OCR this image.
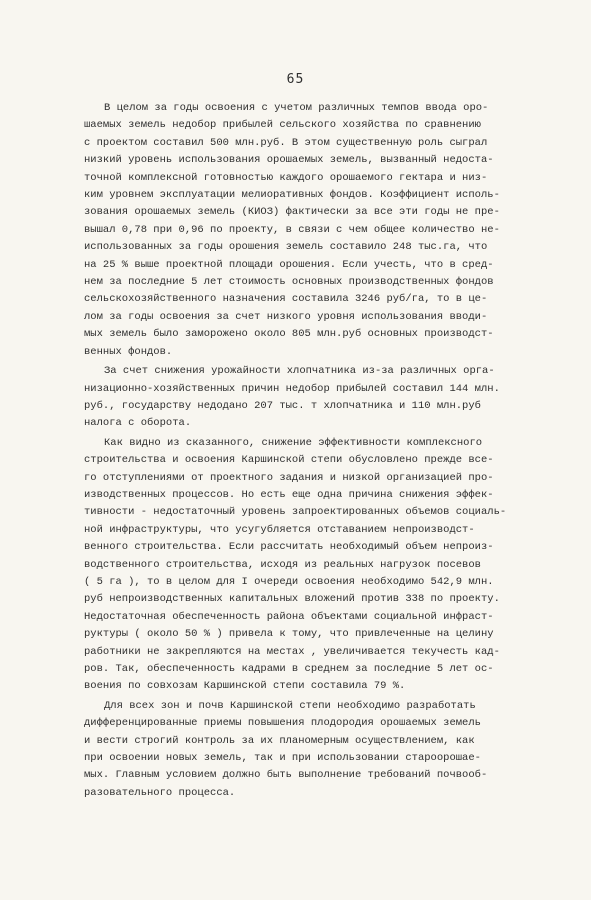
65
В целом за годы освоения с учетом различных темпов ввода оро-
шаемых земель недобор прибылей сельского хозяйства по сравнению
с проектом составил 500 млн.руб. В этом существенную роль сыграл
низкий уровень использования орошаемых земель, вызванный недоста-
точной комплексной готовностью каждого орошаемого гектара и низ-
ким уровнем эксплуатации мелиоративных фондов. Коэффициент исполь-
зования орошаемых земель (КИОЗ) фактически за все эти годы не пре-
вышал 0,78 при 0,96 по проекту, в связи с чем общее количество не-
использованных за годы орошения земель составило 248 тыс.га, что
на 25 % выше проектной площади орошения. Если учесть, что в сред-
нем за последние 5 лет стоимость основных производственных фондов
сельскохозяйственного назначения составила 3246 руб/га, то в цe-
лом за годы освоения за счет низкого уровня использования вводи-
мых земель было заморожено около 805 млн.руб основных производст-
венных фондов.
За счет снижения урожайности хлопчатника из-за различных орга-
низационно-хозяйственных причин недобор прибылей составил 144 млн.
руб., государству недодано 207 тыс. т хлопчатника и 110 млн.руб
налога с оборота.
Как видно из сказанного, снижение эффективности комплексного
строительства и освоения Каршинской степи обусловлено прежде все-
го отступлениями от проектного задания и низкой организацией про-
изводственных процессов. Но есть еще одна причина снижения эффек-
тивности - недостаточный уровень запроектированных объемов социаль-
ной инфраструктуры, что усугубляется отставанием непроизводст-
венного строительства. Если рассчитать необходимый объем непроиз-
водственного строительства, исходя из реальных нагрузок посевов
( 5 га ), то в целом для I очереди освоения необходимо 542,9 млн.
руб непроизводственных капитальных вложений против 338 по проекту.
Недостаточная обеспеченность района объектами социальной инфраст-
руктуры ( около 50 % ) привела к тому, что привлеченные на целину
работники не закрепляются на местах , увеличивается текучесть кад-
ров. Так, обеспеченность кадрами в среднем за последние 5 лет ос-
воения по совхозам Каршинской степи составила 79 %.
Для всех зон и почв Каршинской степи необходимо разработать
дифференцированные приемы повышения плодородия орошаемых земель
и вести строгий контроль за их планомерным осуществлением, как
при освоении новых земель, так и при использовании староорошае-
мых. Главным условием должно быть выполнение требований почвооб-
разовательного процесса.
